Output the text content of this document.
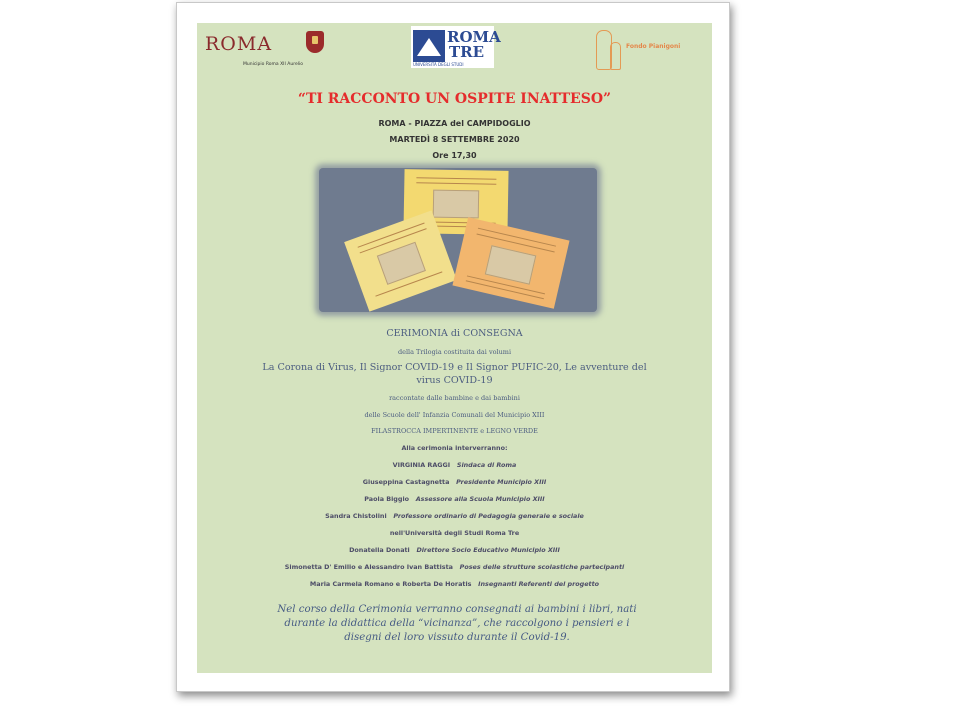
ROMA
Municipio Roma XII Aurelio
ROMA
TRE
UNIVERSITÀ DEGLI STUDI
Fondo Pianigoni
“TI RACCONTO UN OSPITE INATTESO”
ROMA - PIAZZA del CAMPIDOGLIO
MARTEDÌ 8 SETTEMBRE 2020
Ore 17,30
CERIMONIA di CONSEGNA
della Trilogia costituita dai volumi
La Corona di Virus, Il Signor COVID-19 e Il Signor PUFIC-20, Le avventure del
virus COVID-19
raccontate dalle bambine e dai bambini
delle Scuole dell' Infanzia Comunali del Municipio XIII
FILASTROCCA IMPERTINENTE e LEGNO VERDE
Alla cerimonia interverranno:
VIRGINIA RAGGI Sindaca di Roma
Giuseppina Castagnetta Presidente Municipio XIII
Paola Biggio Assessore alla Scuola Municipio XIII
Sandra Chistolini Professore ordinario di Pedagogia generale e sociale
nell'Università degli Studi Roma Tre
Donatella Donati Direttore Socio Educativo Municipio XIII
Simonetta D' Emilio e Alessandro Ivan Battista Poses delle strutture scolastiche partecipanti
Maria Carmela Romano e Roberta De Horatis Insegnanti Referenti del progetto
Nel corso della Cerimonia verranno consegnati ai bambini i libri, nati
durante la didattica della “vicinanza”, che raccolgono i pensieri e i
disegni del loro vissuto durante il Covid-19.
